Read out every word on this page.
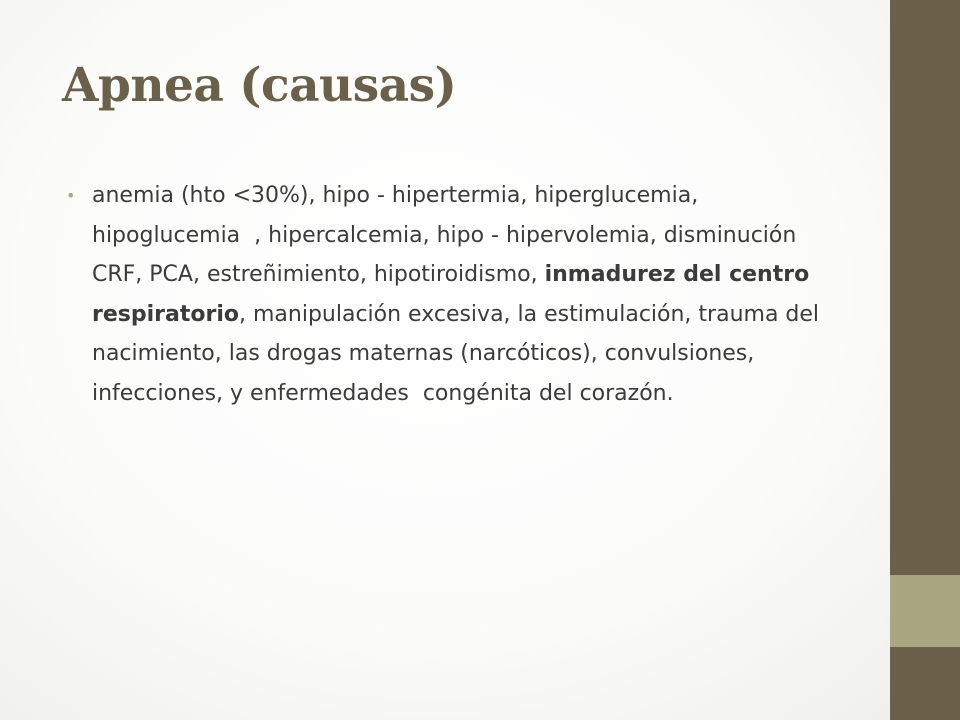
Apnea (causas)
• anemia (hto <30%), hipo - hipertermia, hiperglucemia, hipoglucemia  , hipercalcemia, hipo - hipervolemia, disminución CRF, PCA, estreñimiento, hipotiroidismo, inmadurez del centro respiratorio, manipulación excesiva, la estimulación, trauma del nacimiento, las drogas maternas (narcóticos), convulsiones, infecciones, y enfermedades  congénita del corazón.
